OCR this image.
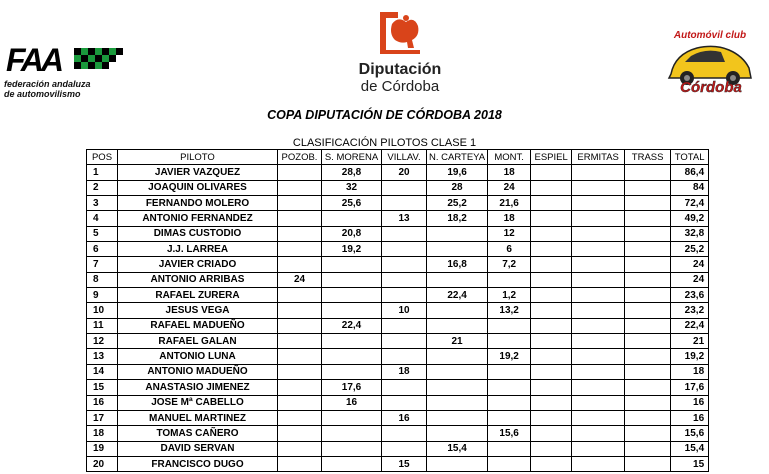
FAA
federación andaluza
de automovilismo
Diputación
de Córdoba
Automóvil club
Córdoba
COPA DIPUTACIÓN DE CÓRDOBA 2018
CLASIFICACIÓN PILOTOS CLASE 1
POS	PILOTO	POZOB.	S. MORENA	VILLAV.	N. CARTEYA	MONT.	ESPIEL	ERMITAS	TRASS	TOTAL
1	JAVIER VAZQUEZ		28,8	20	19,6	18				86,4
2	JOAQUIN OLIVARES		32		28	24				84
3	FERNANDO MOLERO		25,6		25,2	21,6				72,4
4	ANTONIO FERNANDEZ			13	18,2	18				49,2
5	DIMAS CUSTODIO		20,8			12				32,8
6	J.J. LARREA		19,2			6				25,2
7	JAVIER CRIADO				16,8	7,2				24
8	ANTONIO ARRIBAS	24								24
9	RAFAEL ZURERA				22,4	1,2				23,6
10	JESUS VEGA			10		13,2				23,2
11	RAFAEL MADUEÑO		22,4							22,4
12	RAFAEL GALAN				21					21
13	ANTONIO LUNA					19,2				19,2
14	ANTONIO MADUEÑO			18						18
15	ANASTASIO JIMENEZ		17,6							17,6
16	JOSE Mª CABELLO		16							16
17	MANUEL MARTINEZ			16						16
18	TOMAS CAÑERO					15,6				15,6
19	DAVID SERVAN				15,4					15,4
20	FRANCISCO DUGO			15						15
